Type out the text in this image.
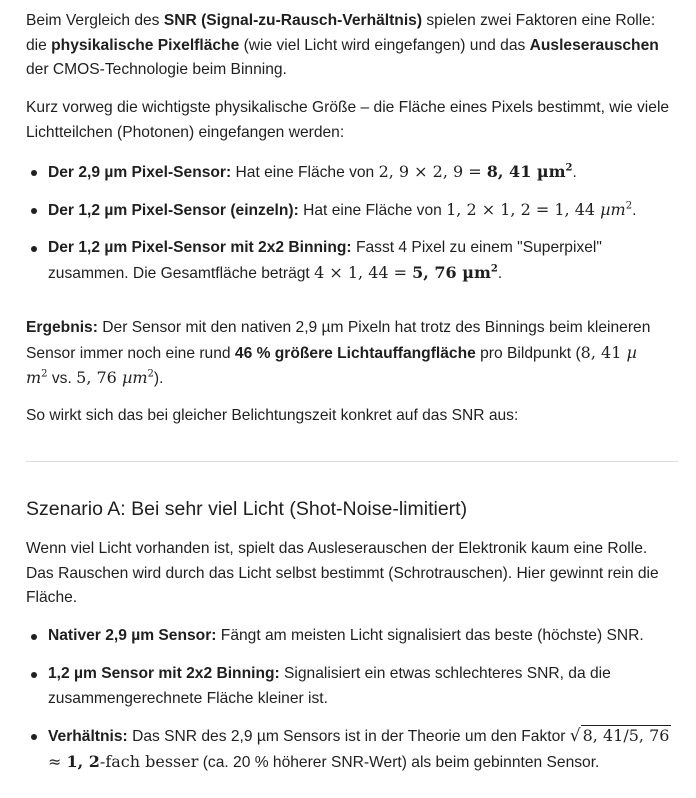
Beim Vergleich des SNR (Signal-zu-Rausch-Verhältnis) spielen zwei Faktoren eine Rolle: die physikalische Pixelfläche (wie viel Licht wird eingefangen) und das Ausleserauschen der CMOS-Technologie beim Binning.

Kurz vorweg die wichtigste physikalische Größe – die Fläche eines Pixels bestimmt, wie viele Lichtteilchen (Photonen) eingefangen werden:

Der 2,9 µm Pixel-Sensor: Hat eine Fläche von 2, 9 × 2, 9 = 8, 41 µm$^2$.
Der 1,2 µm Pixel-Sensor (einzeln): Hat eine Fläche von 1, 2 × 1, 2 = 1, 44 µm$^2$.
Der 1,2 µm Pixel-Sensor mit 2x2 Binning: Fasst 4 Pixel zu einem "Superpixel" zusammen. Die Gesamtfläche beträgt 4 × 1, 44 = 5, 76 µm$^2$.

Ergebnis: Der Sensor mit den nativen 2,9 µm Pixeln hat trotz des Binnings beim kleineren Sensor immer noch eine rund 46 % größere Lichtauffangfläche pro Bildpunkt (8, 41 µ
$m^2$ vs. 5, 76 µm$^2$).

So wirkt sich das bei gleicher Belichtungszeit konkret auf das SNR aus:

Szenario A: Bei sehr viel Licht (Shot-Noise-limitiert)

Wenn viel Licht vorhanden ist, spielt das Ausleserauschen der Elektronik kaum eine Rolle. Das Rauschen wird durch das Licht selbst bestimmt (Schrotrauschen). Hier gewinnt rein die Fläche.

Nativer 2,9 µm Sensor: Fängt am meisten Licht signalisiert das beste (höchste) SNR.
1,2 µm Sensor mit 2x2 Binning: Signalisiert ein etwas schlechteres SNR, da die zusammengerechnete Fläche kleiner ist.
Verhältnis: Das SNR des 2,9 µm Sensors ist in der Theorie um den Faktor √ 8, 41/5, 76
≈ 1, 2-fach besser (ca. 20 % höherer SNR-Wert) als beim gebinnten Sensor.
